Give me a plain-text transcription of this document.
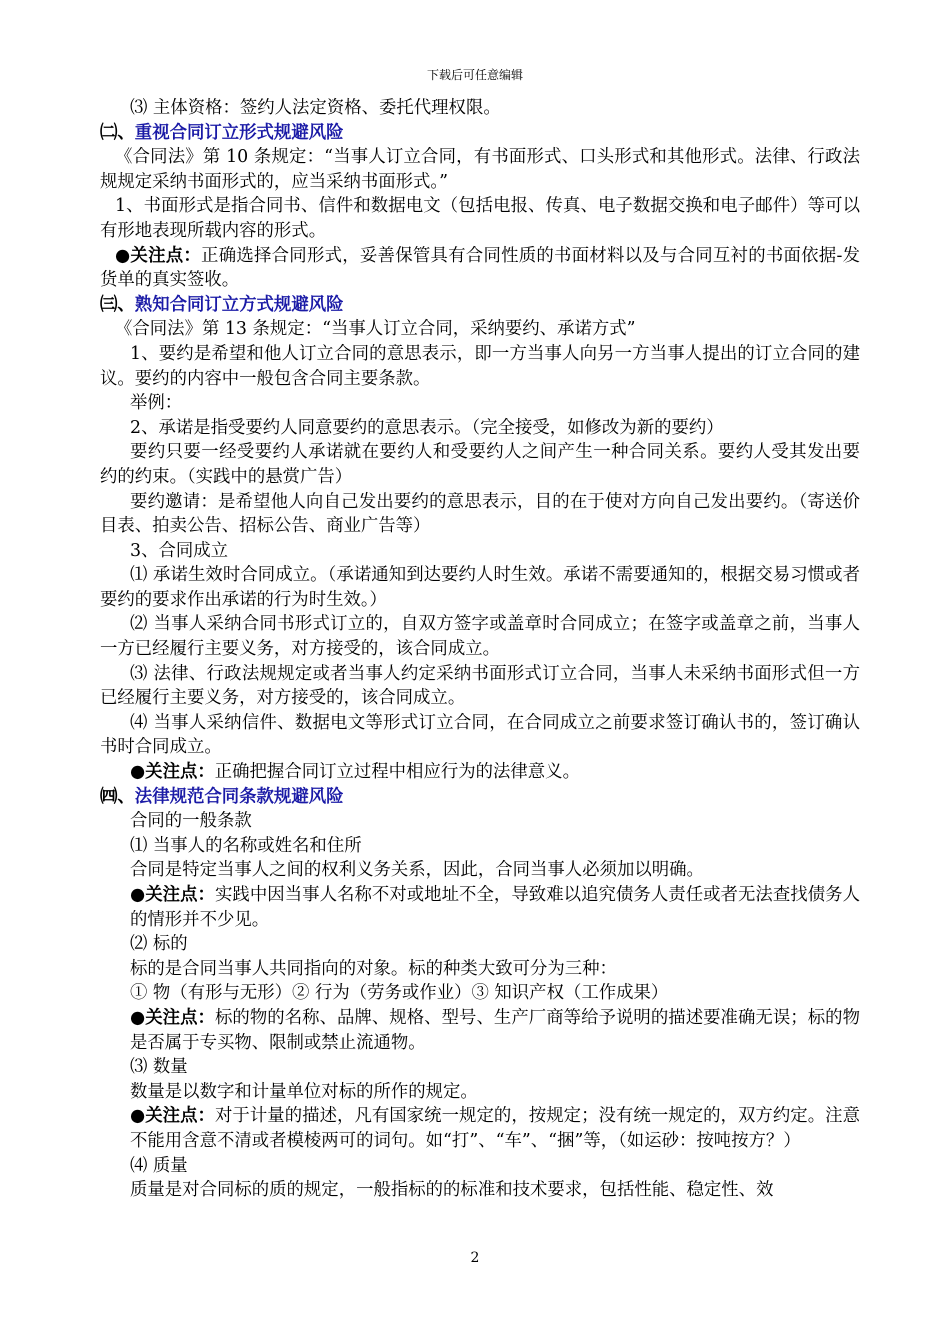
下载后可任意编辑

⑶ 主体资格：签约人法定资格、委托代理权限。

㈡、重视合同订立形式规避风险

《合同法》第 10 条规定：“当事人订立合同，有书面形式、口头形式和其他形式。法律、行政法规规定采纳书面形式的，应当采纳书面形式。”

1、书面形式是指合同书、信件和数据电文（包括电报、传真、电子数据交换和电子邮件）等可以有形地表现所载内容的形式。

●关注点：正确选择合同形式，妥善保管具有合同性质的书面材料以及与合同互衬的书面依据-发货单的真实签收。

㈢、熟知合同订立方式规避风险

《合同法》第 13 条规定：“当事人订立合同，采纳要约、承诺方式”

1、要约是希望和他人订立合同的意思表示，即一方当事人向另一方当事人提出的订立合同的建议。要约的内容中一般包含合同主要条款。

举例：

2、承诺是指受要约人同意要约的意思表示。（完全接受，如修改为新的要约）

要约只要一经受要约人承诺就在要约人和受要约人之间产生一种合同关系。要约人受其发出要约的约束。（实践中的悬赏广告）

要约邀请：是希望他人向自己发出要约的意思表示，目的在于使对方向自己发出要约。（寄送价目表、拍卖公告、招标公告、商业广告等）

3、合同成立

⑴ 承诺生效时合同成立。（承诺通知到达要约人时生效。承诺不需要通知的，根据交易习惯或者要约的要求作出承诺的行为时生效。）

⑵ 当事人采纳合同书形式订立的，自双方签字或盖章时合同成立；在签字或盖章之前，当事人一方已经履行主要义务，对方接受的，该合同成立。

⑶ 法律、行政法规规定或者当事人约定采纳书面形式订立合同，当事人未采纳书面形式但一方已经履行主要义务，对方接受的，该合同成立。

⑷ 当事人采纳信件、数据电文等形式订立合同，在合同成立之前要求签订确认书的，签订确认书时合同成立。

●关注点：正确把握合同订立过程中相应行为的法律意义。

㈣、法律规范合同条款规避风险

合同的一般条款

⑴ 当事人的名称或姓名和住所

合同是特定当事人之间的权利义务关系，因此，合同当事人必须加以明确。

●关注点：实践中因当事人名称不对或地址不全，导致难以追究债务人责任或者无法查找债务人的情形并不少见。

⑵ 标的

标的是合同当事人共同指向的对象。标的种类大致可分为三种：

① 物（有形与无形）② 行为（劳务或作业）③ 知识产权（工作成果）

●关注点：标的物的名称、品牌、规格、型号、生产厂商等给予说明的描述要准确无误；标的物是否属于专买物、限制或禁止流通物。

⑶ 数量

数量是以数字和计量单位对标的所作的规定。

●关注点：对于计量的描述，凡有国家统一规定的，按规定；没有统一规定的，双方约定。注意不能用含意不清或者模棱两可的词句。如“打”、“车”、“捆”等，（如运砂：按吨按方？）

⑷ 质量

质量是对合同标的质的规定，一般指标的的标准和技术要求，包括性能、稳定性、效

2
